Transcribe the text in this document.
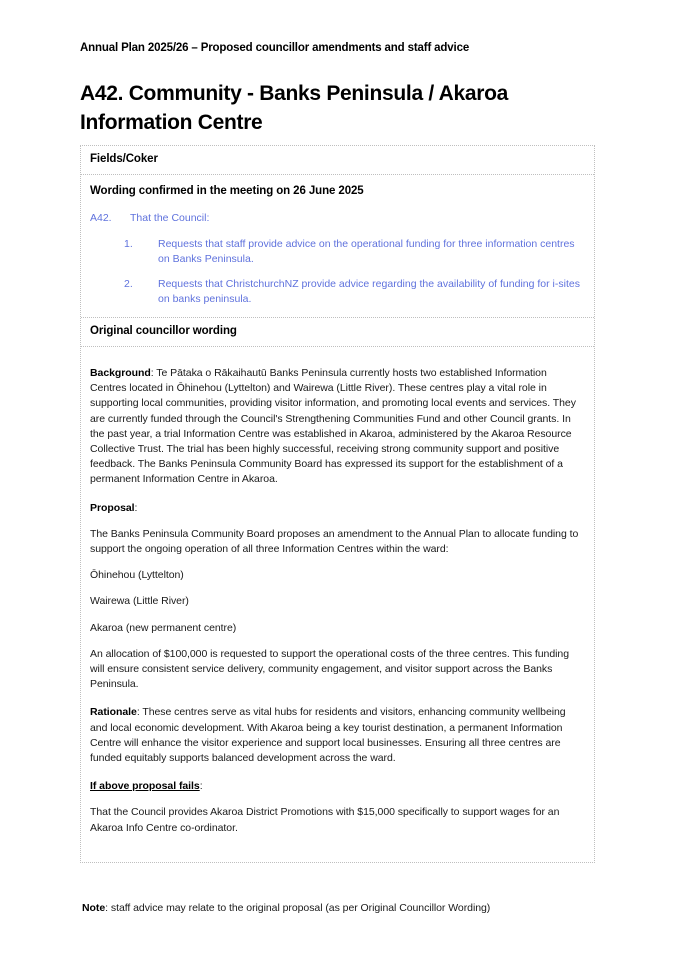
Annual Plan 2025/26 – Proposed councillor amendments and staff advice
A42. Community - Banks Peninsula / Akaroa Information Centre
Fields/Coker
Wording confirmed in the meeting on 26 June 2025
A42.	That the Council:
1.	Requests that staff provide advice on the operational funding for three information centres on Banks Peninsula.
2.	Requests that ChristchurchNZ provide advice regarding the availability of funding for i-sites on banks peninsula.
Original councillor wording

Background: Te Pātaka o Rākaihautū Banks Peninsula currently hosts two established Information Centres located in Ōhinehou (Lyttelton) and Wairewa (Little River). These centres play a vital role in supporting local communities, providing visitor information, and promoting local events and services. They are currently funded through the Council's Strengthening Communities Fund and other Council grants. In the past year, a trial Information Centre was established in Akaroa, administered by the Akaroa Resource Collective Trust. The trial has been highly successful, receiving strong community support and positive feedback. The Banks Peninsula Community Board has expressed its support for the establishment of a permanent Information Centre in Akaroa.

Proposal:

The Banks Peninsula Community Board proposes an amendment to the Annual Plan to allocate funding to support the ongoing operation of all three Information Centres within the ward:

Ōhinehou (Lyttelton)

Wairewa (Little River)

Akaroa (new permanent centre)

An allocation of $100,000 is requested to support the operational costs of the three centres. This funding will ensure consistent service delivery, community engagement, and visitor support across the Banks Peninsula.

Rationale: These centres serve as vital hubs for residents and visitors, enhancing community wellbeing and local economic development. With Akaroa being a key tourist destination, a permanent Information Centre will enhance the visitor experience and support local businesses. Ensuring all three centres are funded equitably supports balanced development across the ward.

If above proposal fails:

That the Council provides Akaroa District Promotions with $15,000 specifically to support wages for an Akaroa Info Centre co-ordinator.

Note: staff advice may relate to the original proposal (as per Original Councillor Wording)
